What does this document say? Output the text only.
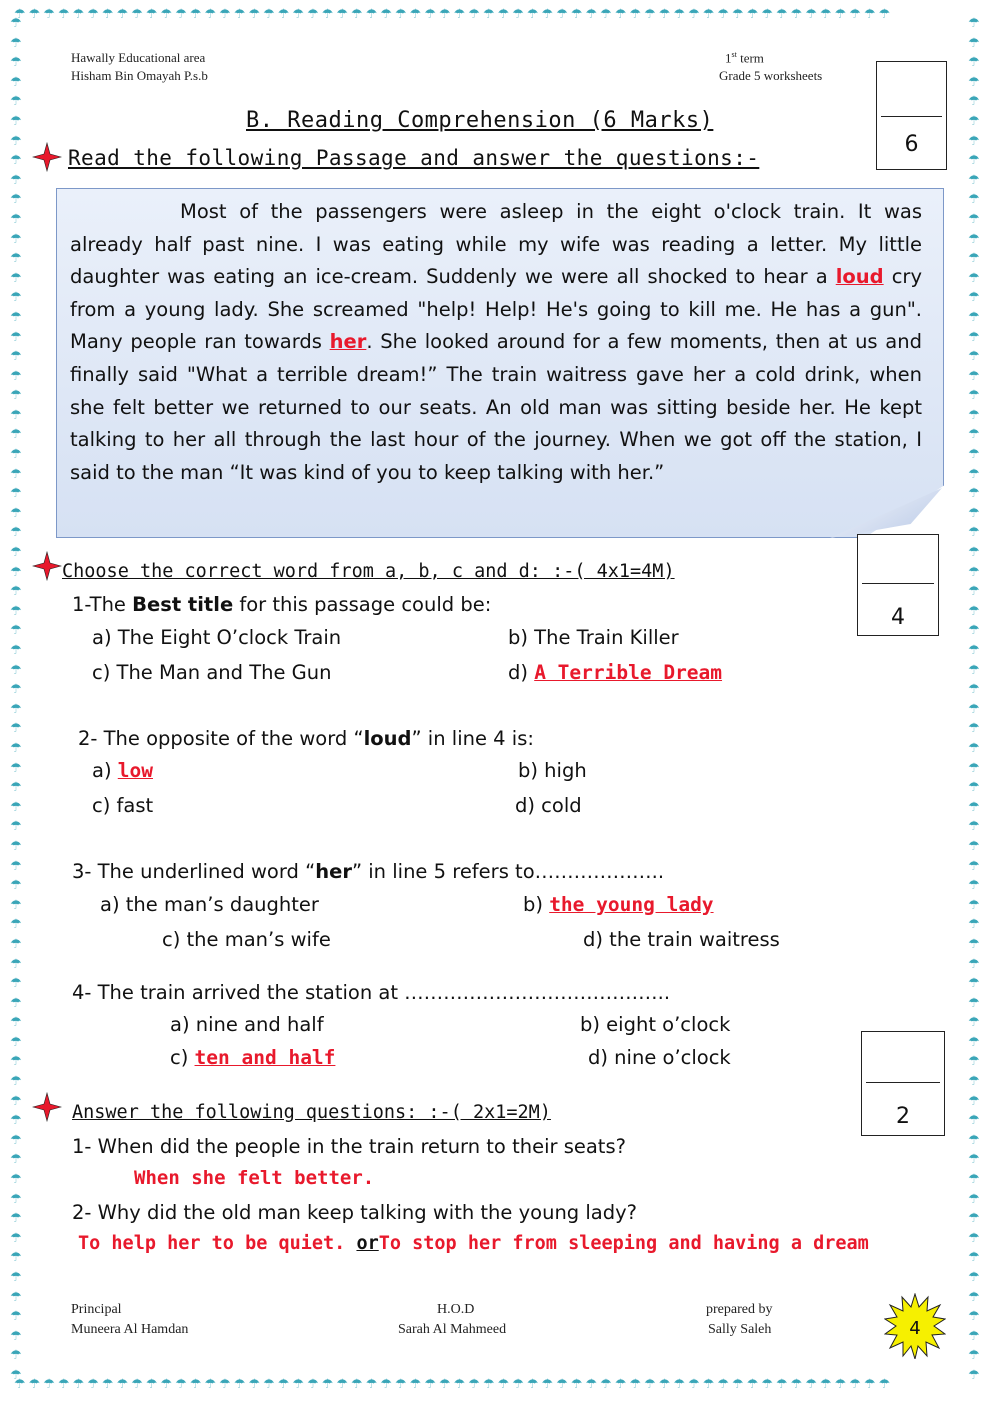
☂☂☂☂☂☂☂☂☂☂☂☂☂☂☂☂☂☂☂☂☂☂☂☂☂☂☂☂☂☂☂☂☂☂☂☂☂☂☂☂☂☂☂☂☂☂☂☂☂☂☂☂☂☂☂☂☂☂☂☂
☂☂☂☂☂☂☂☂☂☂☂☂☂☂☂☂☂☂☂☂☂☂☂☂☂☂☂☂☂☂☂☂☂☂☂☂☂☂☂☂☂☂☂☂☂☂☂☂☂☂☂☂☂☂☂☂☂☂☂☂
☂☂☂☂☂☂☂☂☂☂☂☂☂☂☂☂☂☂☂☂☂☂☂☂☂☂☂☂☂☂☂☂☂☂☂☂☂☂☂☂☂☂☂☂☂☂☂☂☂☂☂☂☂☂☂☂☂☂☂☂☂☂☂☂☂☂☂☂☂☂
☂☂☂☂☂☂☂☂☂☂☂☂☂☂☂☂☂☂☂☂☂☂☂☂☂☂☂☂☂☂☂☂☂☂☂☂☂☂☂☂☂☂☂☂☂☂☂☂☂☂☂☂☂☂☂☂☂☂☂☂☂☂☂☂☂☂☂☂☂☂
Hawally Educational area
Hisham Bin Omayah P.s.b
1st term
Grade 5 worksheets
6
B. Reading Comprehension (6 Marks)
Read the following Passage and answer the questions:-

Most of the passengers were asleep in the eight o'clock train. It was already half past nine. I was eating while my wife was reading a letter. My little daughter was eating an ice-cream. Suddenly we were all shocked to hear a loud cry from a young lady. She screamed "help! Help! He's going to kill me. He has a gun". Many people ran towards her. She looked around for a few moments, then at us and finally said "What a terrible dream!” The train waitress gave her a cold drink, when she felt better we returned to our seats. An old man was sitting beside her. He kept talking to her all through the last hour of the journey. When we got off the station, I said to the man “It was kind of you to keep talking with her.”

Choose the correct word from a, b, c and d: :-( 4x1=4M)
4
1-The Best title for this passage could be:
a) The Eight O’clock Train	b) The Train Killer
c) The Man and The Gun	d) A Terrible Dream
2- The opposite of the word “loud” in line 4 is:
a) low	b) high
c) fast	d) cold
3- The underlined word “her” in line 5 refers to………………..
a) the man’s daughter	b) the young lady
c) the man’s wife	d) the train waitress
4- The train arrived the station at …………………………………..
a) nine and half	b) eight o’clock
c) ten and half	d) nine o’clock
2
Answer the following questions: :-( 2x1=2M)
1- When did the people in the train return to their seats?
When she felt better.
2- Why did the old man keep talking with the young lady?
To help her to be quiet. orTo stop her from sleeping and having a dream
Principal
Muneera Al Hamdan
H.O.D
Sarah Al Mahmeed
prepared by
Sally Saleh	4
